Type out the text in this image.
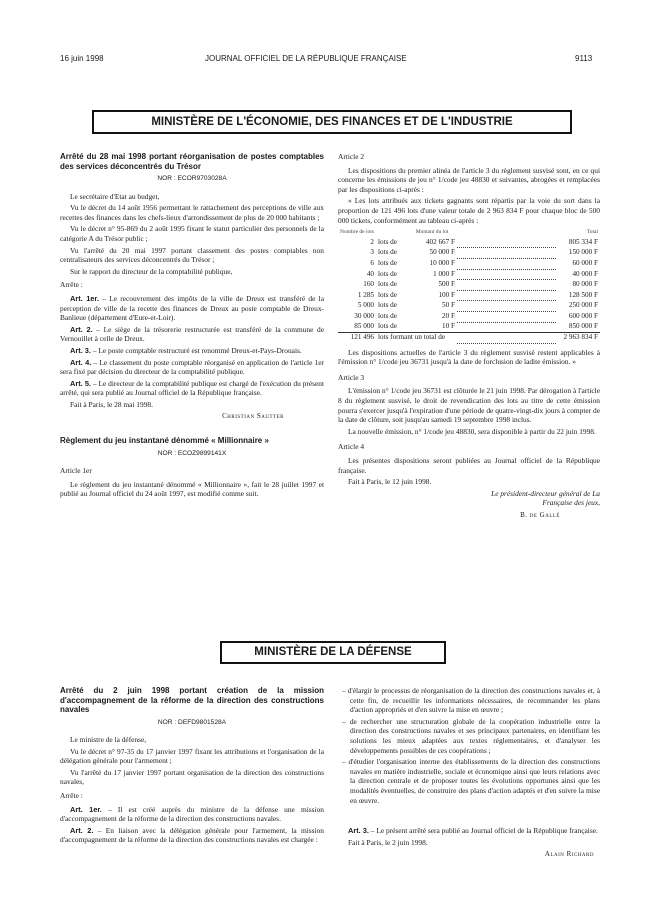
16 juin 1998	JOURNAL OFFICIEL DE LA RÉPUBLIQUE FRANÇAISE	9113
MINISTÈRE DE L'ÉCONOMIE, DES FINANCES ET DE L'INDUSTRIE

Arrêté du 28 mai 1998 portant réorganisation de postes comptables des services déconcentrés du Trésor

NOR : ECOR9703028A

Le secrétaire d'Etat au budget,

Vu le décret du 14 août 1956 permettant le rattachement des perceptions de ville aux recettes des finances dans les chefs-lieux d'arrondissement de plus de 20 000 habitants ;

Vu le décret n° 95-869 du 2 août 1995 fixant le statut particulier des personnels de la catégorie A du Trésor public ;

Vu l'arrêté du 20 mai 1997 portant classement des postes comptables non centralisateurs des services déconcentrés du Trésor ;

Sur le rapport du directeur de la comptabilité publique,

Arrête :

Art. 1er. – Le recouvrement des impôts de la ville de Dreux est transféré de la perception de ville de la recette des finances de Dreux au poste comptable de Dreux-Banlieue (département d'Eure-et-Loir).

Art. 2. – Le siège de la trésorerie restructurée est transféré de la commune de Vernouillet à celle de Dreux.

Art. 3. – Le poste comptable restructuré est renommé Dreux-et-Pays-Drouais.

Art. 4. – Le classement du poste comptable réorganisé en application de l'article 1er sera fixé par décision du directeur de la comptabilité publique.

Art. 5. – Le directeur de la comptabilité publique est chargé de l'exécution du présent arrêté, qui sera publié au Journal officiel de la République française.

Fait à Paris, le 28 mai 1998.

Christian Sautter

Règlement du jeu instantané dénommé « Millionnaire »

NOR : ECOZ9899141X

Article 1er

Le règlement du jeu instantané dénommé « Millionnaire », fait le 28 juillet 1997 et publié au Journal officiel du 24 août 1997, est modifié comme suit.

Article 2

Les dispositions du premier alinéa de l'article 3 du règlement susvisé sont, en ce qui concerne les émissions de jeu n° 1/code jeu 48830 et suivantes, abrogées et remplacées par les dispositions ci-après :

« Les lots attribués aux tickets gagnants sont répartis par la voie du sort dans la proportion de 121 496 lots d'une valeur totale de 2 963 834 F pour chaque bloc de 500 000 tickets, conformément au tableau ci-après :

Nombre de lots		Montant du lot		Total
2	lots de	402 667 F		805 334 F
3	lots de	50 000 F		150 000 F
6	lots de	10 000 F		60 000 F
40	lots de	1 000 F		40 000 F
160	lots de	500 F		80 000 F
1 285	lots de	100 F		128 500 F
5 000	lots de	50 F		250 000 F
30 000	lots de	20 F		600 000 F
85 000	lots de	10 F		850 000 F
121 496	lots formant un total de			2 963 834 F

Les dispositions actuelles de l'article 3 du règlement susvisé restent applicables à l'émission n° 1/code jeu 36731 jusqu'à la date de forclusion de ladite émission. »

Article 3

L'émission n° 1/code jeu 36731 est clôturée le 21 juin 1998. Par dérogation à l'article 8 du règlement susvisé, le droit de revendication des lots au titre de cette émission pourra s'exercer jusqu'à l'expiration d'une période de quatre-vingt-dix jours à compter de la date de clôture, soit jusqu'au samedi 19 septembre 1998 inclus.

La nouvelle émission, n° 1/code jeu 48830, sera disponible à partir du 22 juin 1998.

Article 4

Les présentes dispositions seront publiées au Journal officiel de la République française.

Fait à Paris, le 12 juin 1998.

Le président-directeur général de La Française des jeux,
B. de Gallé
MINISTÈRE DE LA DÉFENSE

Arrêté du 2 juin 1998 portant création de la mission d'accompagnement de la réforme de la direction des constructions navales

NOR : DEFD9801528A

Le ministre de la défense,

Vu le décret n° 97-35 du 17 janvier 1997 fixant les attributions et l'organisation de la délégation générale pour l'armement ;

Vu l'arrêté du 17 janvier 1997 portant organisation de la direction des constructions navales,

Arrête :

Art. 1er. – Il est créé auprès du ministre de la défense une mission d'accompagnement de la réforme de la direction des constructions navales.

Art. 2. – En liaison avec la délégation générale pour l'armement, la mission d'accompagnement de la réforme de la direction des constructions navales est chargée :

– d'élargir le processus de réorganisation de la direction des constructions navales et, à cette fin, de recueillir les informations nécessaires, de recommander les plans d'action appropriés et d'en suivre la mise en œuvre ;

– de rechercher une structuration globale de la coopération industrielle entre la direction des constructions navales et ses principaux partenaires, en identifiant les solutions les mieux adaptées aux textes réglementaires, et d'analyser les développements possibles de ces coopérations ;

– d'étudier l'organisation interne des établissements de la direction des constructions navales en matière industrielle, sociale et économique ainsi que leurs relations avec la direction centrale et de proposer toutes les évolutions opportunes ainsi que les modalités éventuelles, de construire des plans d'action adaptés et d'en suivre la mise en œuvre.

Art. 3. – Le présent arrêté sera publié au Journal officiel de la République française.

Fait à Paris, le 2 juin 1998.

Alain Richard
